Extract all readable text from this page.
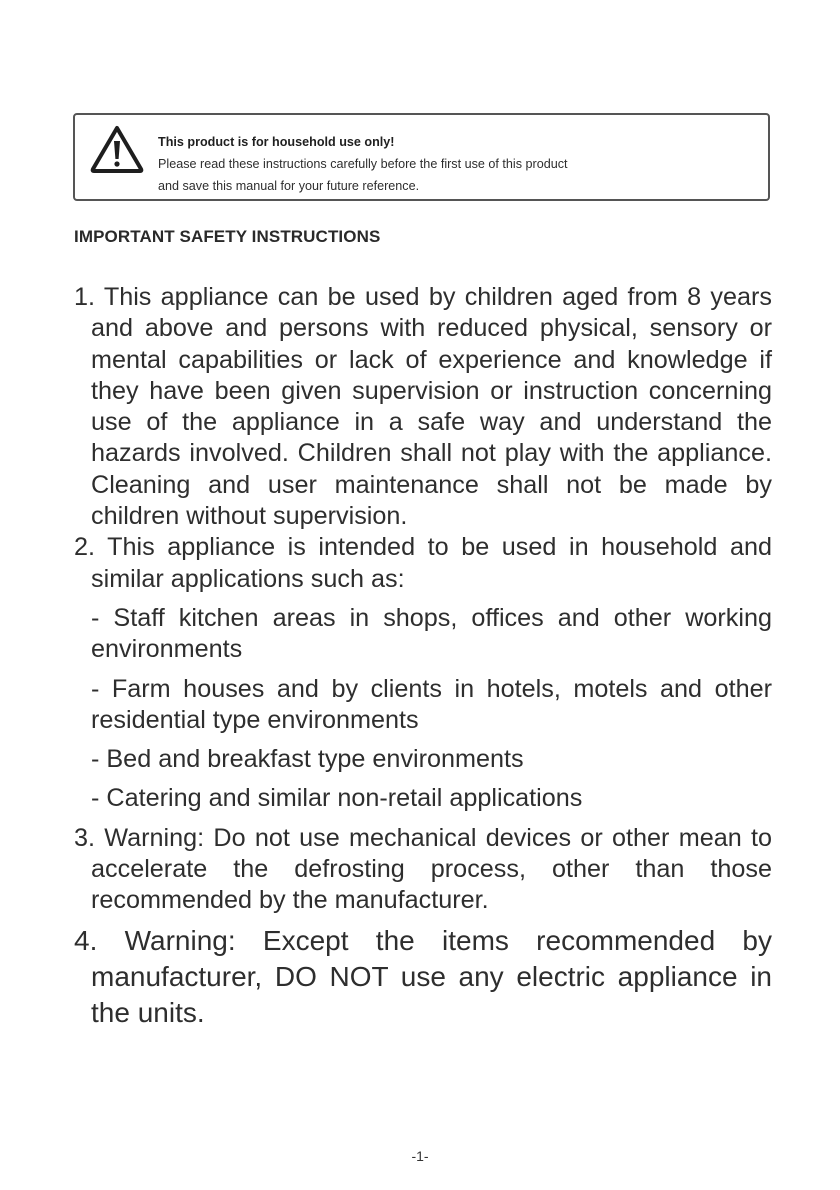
This product is for household use only!
Please read these instructions carefully before the first use of this product
and save this manual for your future reference.
IMPORTANT SAFETY INSTRUCTIONS
1. This appliance can be used by children aged from 8 years and above and persons with reduced physical, sensory or mental capabilities or lack of experience and knowledge if they have been given supervision or instruction concerning use of the appliance in a safe way and understand the hazards involved. Children shall not play with the appliance. Cleaning and user maintenance shall not be made by children without supervision.
2. This appliance is intended to be used in household and similar applications such as:
- Staff kitchen areas in shops, offices and other working environments
- Farm houses and by clients in hotels, motels and other residential type environments
- Bed and breakfast type environments
- Catering and similar non-retail applications
3. Warning: Do not use mechanical devices or other mean to accelerate the defrosting process, other than those recommended by the manufacturer.
4. Warning: Except the items recommended by manufacturer, DO NOT use any electric appliance in the units.
-1-
